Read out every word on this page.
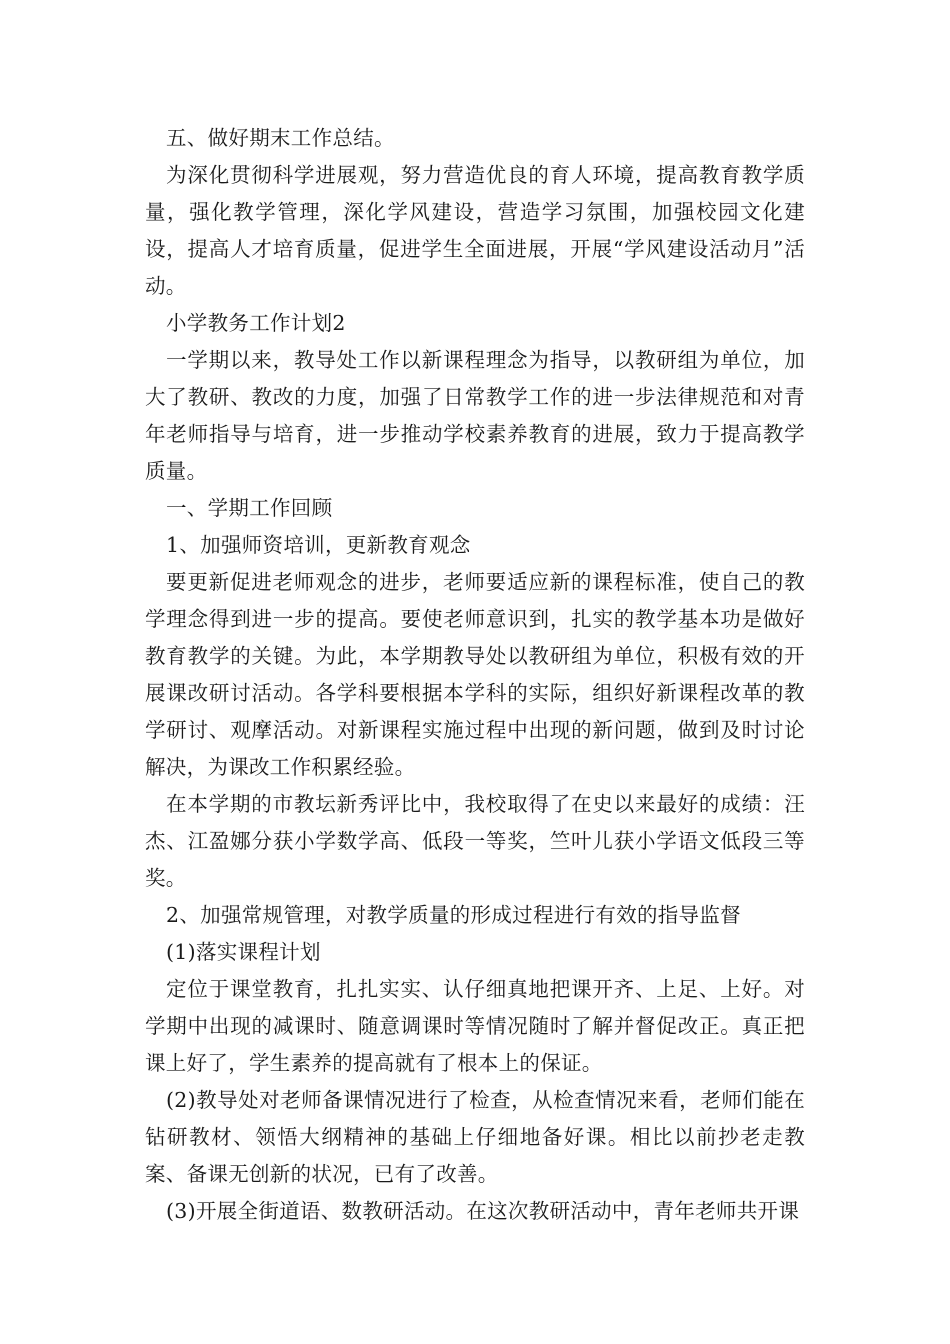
五、做好期末工作总结。

为深化贯彻科学进展观，努力营造优良的育人环境，提高教育教学质量，强化教学管理，深化学风建设，营造学习氛围，加强校园文化建设，提高人才培育质量，促进学生全面进展，开展“学风建设活动月”活动。

小学教务工作计划2

一学期以来，教导处工作以新课程理念为指导，以教研组为单位，加大了教研、教改的力度，加强了日常教学工作的进一步法律规范和对青年老师指导与培育，进一步推动学校素养教育的进展，致力于提高教学质量。

一、学期工作回顾

1、加强师资培训，更新教育观念

要更新促进老师观念的进步，老师要适应新的课程标准，使自己的教学理念得到进一步的提高。要使老师意识到，扎实的教学基本功是做好教育教学的关键。为此，本学期教导处以教研组为单位，积极有效的开展课改研讨活动。各学科要根据本学科的实际，组织好新课程改革的教学研讨、观摩活动。对新课程实施过程中出现的新问题，做到及时讨论解决，为课改工作积累经验。

在本学期的市教坛新秀评比中，我校取得了在史以来最好的成绩：汪杰、江盈娜分获小学数学高、低段一等奖，竺叶儿获小学语文低段三等奖。

2、加强常规管理，对教学质量的形成过程进行有效的指导监督

(1)落实课程计划

定位于课堂教育，扎扎实实、认仔细真地把课开齐、上足、上好。对学期中出现的减课时、随意调课时等情况随时了解并督促改正。真正把课上好了，学生素养的提高就有了根本上的保证。

(2)教导处对老师备课情况进行了检查，从检查情况来看，老师们能在钻研教材、领悟大纲精神的基础上仔细地备好课。相比以前抄老走教案、备课无创新的状况，已有了改善。

(3)开展全街道语、数教研活动。在这次教研活动中，青年老师共开课
